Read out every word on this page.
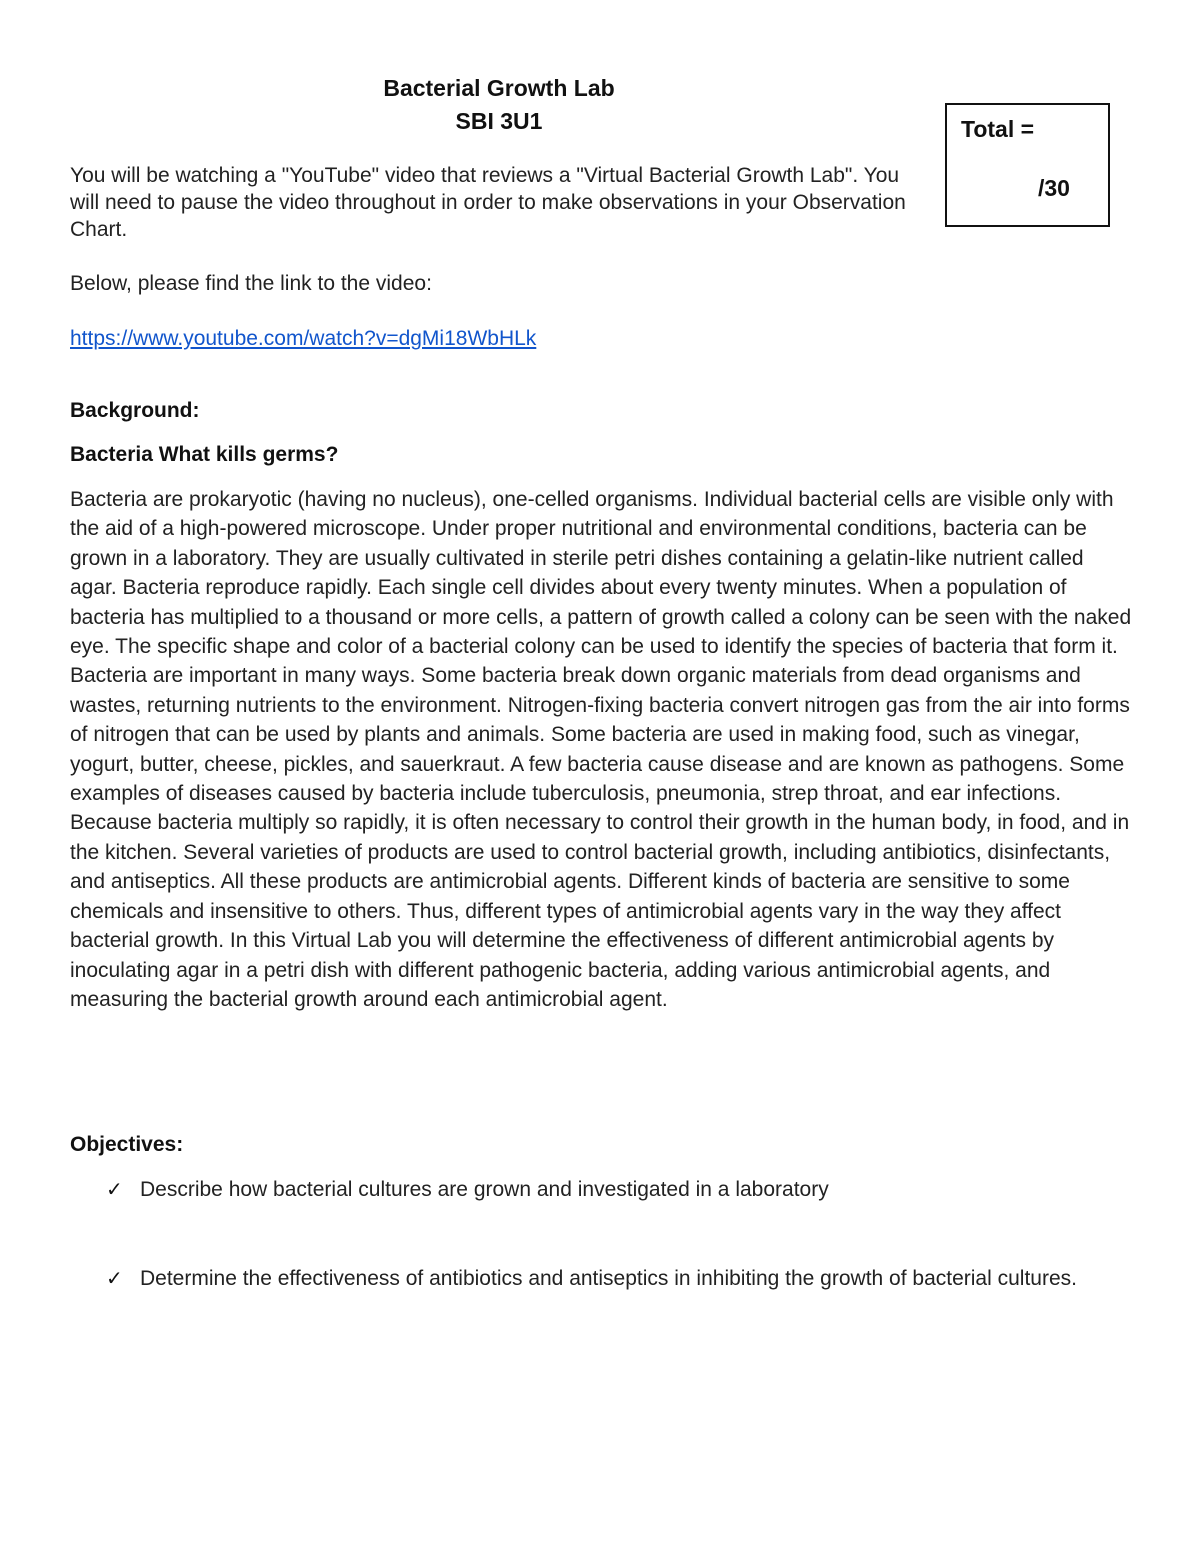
Bacterial Growth Lab
SBI 3U1	Total =
/30

You will be watching a "YouTube" video that reviews a "Virtual Bacterial Growth Lab". You will need to pause the video throughout in order to make observations in your Observation Chart.

Below, please find the link to the video:

https://www.youtube.com/watch?v=dgMi18WbHLk
Background:
Bacteria What kills germs?

Bacteria are prokaryotic (having no nucleus), one-celled organisms. Individual bacterial cells are visible only with the aid of a high-powered microscope. Under proper nutritional and environmental conditions, bacteria can be grown in a laboratory. They are usually cultivated in sterile petri dishes containing a gelatin-like nutrient called agar. Bacteria reproduce rapidly. Each single cell divides about every twenty minutes. When a population of bacteria has multiplied to a thousand or more cells, a pattern of growth called a colony can be seen with the naked eye. The specific shape and color of a bacterial colony can be used to identify the species of bacteria that form it. Bacteria are important in many ways. Some bacteria break down organic materials from dead organisms and wastes, returning nutrients to the environment. Nitrogen-fixing bacteria convert nitrogen gas from the air into forms of nitrogen that can be used by plants and animals. Some bacteria are used in making food, such as vinegar, yogurt, butter, cheese, pickles, and sauerkraut. A few bacteria cause disease and are known as pathogens. Some examples of diseases caused by bacteria include tuberculosis, pneumonia, strep throat, and ear infections. Because bacteria multiply so rapidly, it is often necessary to control their growth in the human body, in food, and in the kitchen. Several varieties of products are used to control bacterial growth, including antibiotics, disinfectants, and antiseptics. All these products are antimicrobial agents. Different kinds of bacteria are sensitive to some chemicals and insensitive to others. Thus, different types of antimicrobial agents vary in the way they affect bacterial growth. In this Virtual Lab you will determine the effectiveness of different antimicrobial agents by inoculating agar in a petri dish with different pathogenic bacteria, adding various antimicrobial agents, and measuring the bacterial growth around each antimicrobial agent.

Objectives:
✓ Describe how bacterial cultures are grown and investigated in a laboratory
✓ Determine the effectiveness of antibiotics and antiseptics in inhibiting the growth of bacterial cultures.
